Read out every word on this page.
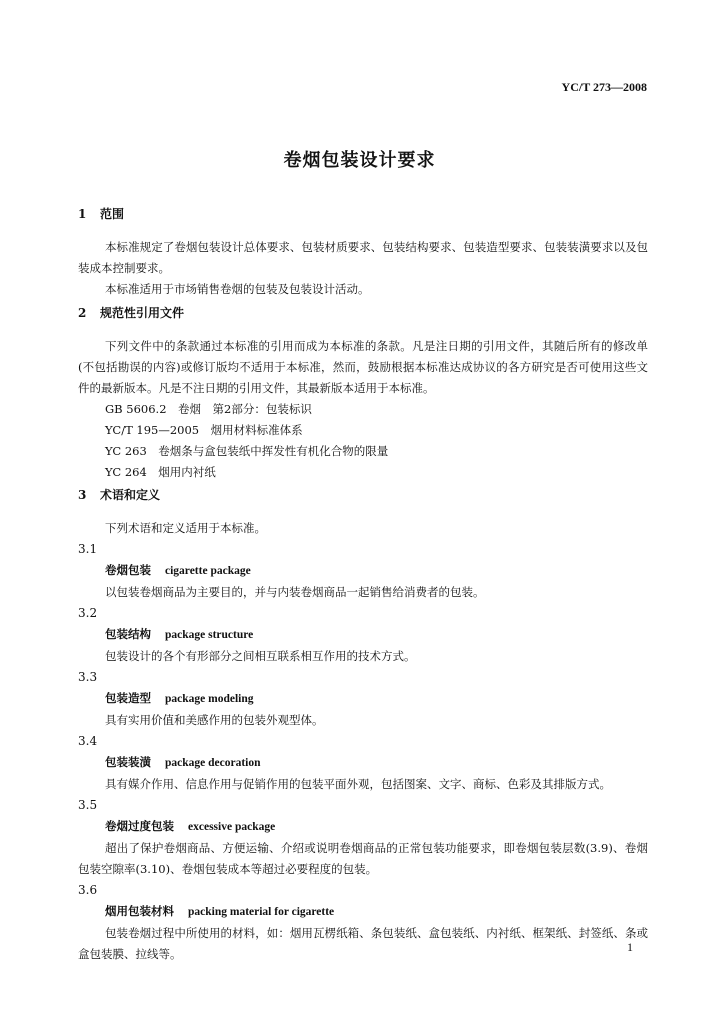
YC/T 273—2008
卷烟包装设计要求
1 范围
本标准规定了卷烟包装设计总体要求、包装材质要求、包装结构要求、包装造型要求、包装装潢要求以及包装成本控制要求。
本标准适用于市场销售卷烟的包装及包装设计活动。
2 规范性引用文件
下列文件中的条款通过本标准的引用而成为本标准的条款。凡是注日期的引用文件，其随后所有的修改单(不包括勘误的内容)或修订版均不适用于本标准，然而，鼓励根据本标准达成协议的各方研究是否可使用这些文件的最新版本。凡是不注日期的引用文件，其最新版本适用于本标准。
GB 5606.2　卷烟　第2部分：包装标识
YC/T 195—2005　烟用材料标准体系
YC 263　卷烟条与盒包装纸中挥发性有机化合物的限量
YC 264　烟用内衬纸
3 术语和定义
下列术语和定义适用于本标准。
3.1
卷烟包装 cigarette package
以包装卷烟商品为主要目的，并与内装卷烟商品一起销售给消费者的包装。
3.2
包装结构 package structure
包装设计的各个有形部分之间相互联系相互作用的技术方式。
3.3
包装造型 package modeling
具有实用价值和美感作用的包装外观型体。
3.4
包装装潢 package decoration
具有媒介作用、信息作用与促销作用的包装平面外观，包括图案、文字、商标、色彩及其排版方式。
3.5
卷烟过度包装 excessive package
超出了保护卷烟商品、方便运输、介绍或说明卷烟商品的正常包装功能要求，即卷烟包装层数(3.9)、卷烟包装空隙率(3.10)、卷烟包装成本等超过必要程度的包装。
3.6
烟用包装材料 packing material for cigarette
包装卷烟过程中所使用的材料，如：烟用瓦楞纸箱、条包装纸、盒包装纸、内衬纸、框架纸、封签纸、条或盒包装膜、拉线等。	1
